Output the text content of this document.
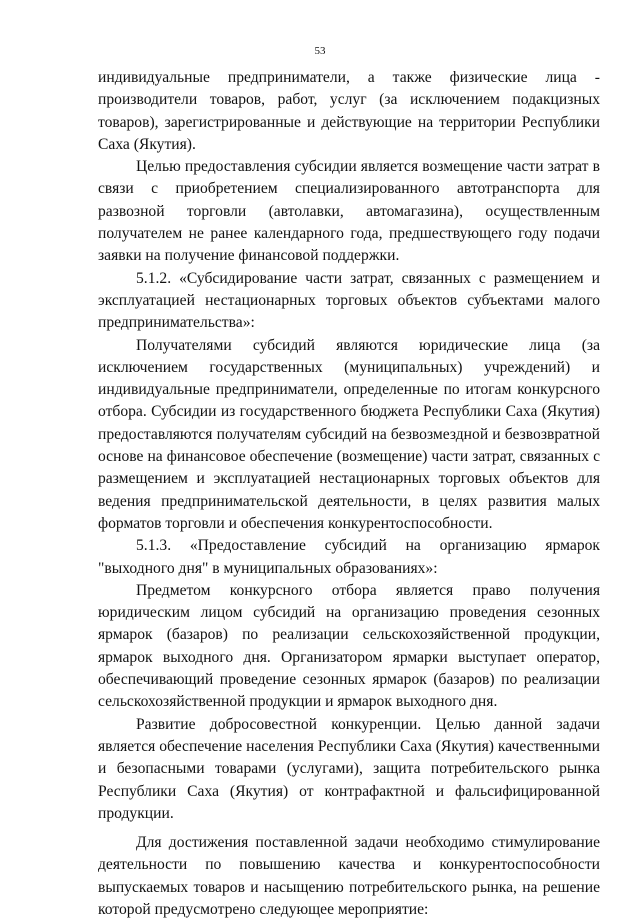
53

индивидуальные предприниматели, а также физические лица - производители товаров, работ, услуг (за исключением подакцизных товаров), зарегистрированные и действующие на территории Республики Саха (Якутия).

Целью предоставления субсидии является возмещение части затрат в связи с приобретением специализированного автотранспорта для развозной торговли (автолавки, автомагазина), осуществленным получателем не ранее календарного года, предшествующего году подачи заявки на получение финансовой поддержки.

5.1.2. «Субсидирование части затрат, связанных с размещением и эксплуатацией нестационарных торговых объектов субъектами малого предпринимательства»:

Получателями субсидий являются юридические лица (за исключением государственных (муниципальных) учреждений) и индивидуальные предприниматели, определенные по итогам конкурсного отбора. Субсидии из государственного бюджета Республики Саха (Якутия) предоставляются получателям субсидий на безвозмездной и безвозвратной основе на финансовое обеспечение (возмещение) части затрат, связанных с размещением и эксплуатацией нестационарных торговых объектов для ведения предпринимательской деятельности, в целях развития малых форматов торговли и обеспечения конкурентоспособности.

5.1.3. «Предоставление субсидий на организацию ярмарок "выходного дня" в муниципальных образованиях»:

Предметом конкурсного отбора является право получения юридическим лицом субсидий на организацию проведения сезонных ярмарок (базаров) по реализации сельскохозяйственной продукции, ярмарок выходного дня. Организатором ярмарки выступает оператор, обеспечивающий проведение сезонных ярмарок (базаров) по реализации сельскохозяйственной продукции и ярмарок выходного дня.

Развитие добросовестной конкуренции. Целью данной задачи является обеспечение населения Республики Саха (Якутия) качественными и безопасными товарами (услугами), защита потребительского рынка Республики Саха (Якутия) от контрафактной и фальсифицированной продукции.

Для достижения поставленной задачи необходимо стимулирование деятельности по повышению качества и конкурентоспособности выпускаемых товаров и насыщению потребительского рынка, на решение которой предусмотрено следующее мероприятие:
